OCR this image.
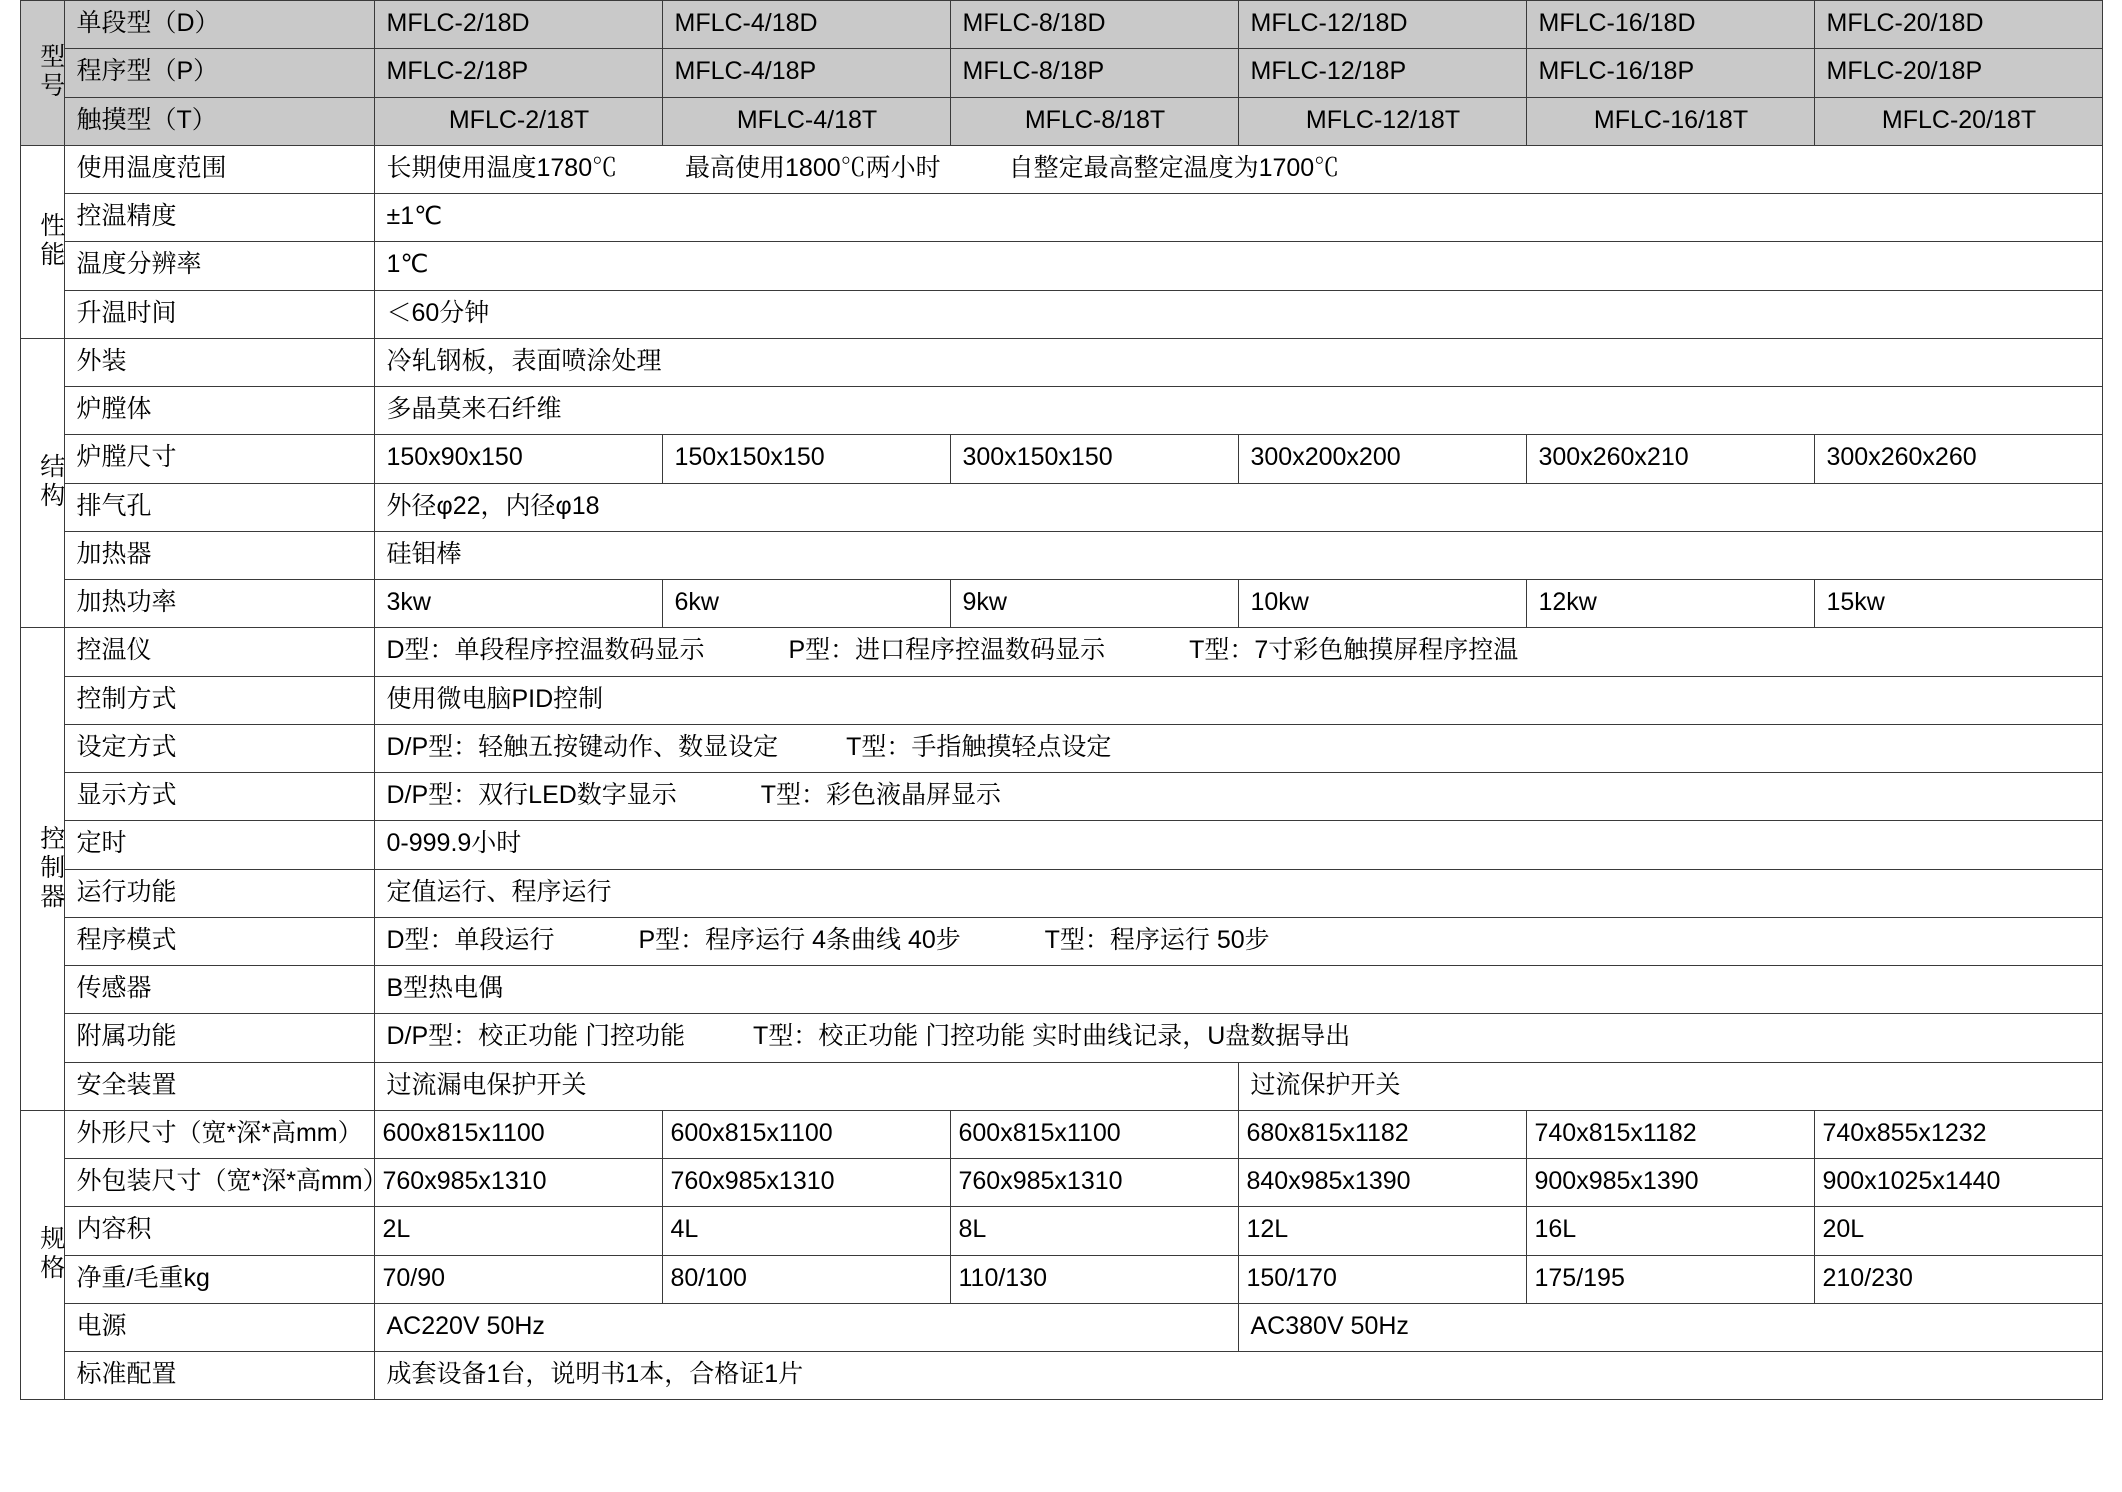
型号	单段型（D）	MFLC-2/18D	MFLC-4/18D	MFLC-8/18D	MFLC-12/18D	MFLC-16/18D	MFLC-20/18D
	程序型（P）	MFLC-2/18P	MFLC-4/18P	MFLC-8/18P	MFLC-12/18P	MFLC-16/18P	MFLC-20/18P
	触摸型（T）	MFLC-2/18T	MFLC-4/18T	MFLC-8/18T	MFLC-12/18T	MFLC-16/18T	MFLC-20/18T

性能	使用温度范围	长期使用温度1780℃ 最高使用1800℃两小时 自整定最高整定温度为1700℃					
	控温精度	±1℃					
	温度分辨率	1℃					
	升温时间	＜60分钟					

结构	外装	冷轧钢板，表面喷涂处理					
	炉膛体	多晶莫来石纤维					
	炉膛尺寸	150x90x150	150x150x150	300x150x150	300x200x200	300x260x210	300x260x260
	排气孔	外径φ22，内径φ18					
	加热器	硅钼棒					
	加热功率	3kw	6kw	9kw	10kw	12kw	15kw

控制器	控温仪	D型：单段程序控温数码显示 P型：进口程序控温数码显示 T型：7寸彩色触摸屏程序控温					
	控制方式	使用微电脑PID控制					
	设定方式	D/P型：轻触五按键动作、数显设定 T型：手指触摸轻点设定					
	显示方式	D/P型：双行LED数字显示 T型：彩色液晶屏显示					
	定时	0-999.9小时					
	运行功能	定值运行、程序运行					
	程序模式	D型：单段运行 P型：程序运行 4条曲线 40步 T型：程序运行 50步					
	传感器	B型热电偶					
	附属功能	D/P型：校正功能 门控功能 T型：校正功能 门控功能 实时曲线记录，U盘数据导出					
	安全装置	过流漏电保护开关			过流保护开关		

规格	外形尺寸（宽*深*高mm）	600x815x1100	600x815x1100	600x815x1100	680x815x1182	740x815x1182	740x855x1232
	外包装尺寸（宽*深*高mm）	760x985x1310	760x985x1310	760x985x1310	840x985x1390	900x985x1390	900x1025x1440
	内容积	2L	4L	8L	12L	16L	20L
	净重/毛重kg	70/90	80/100	110/130	150/170	175/195	210/230
	电源	AC220V 50Hz			AC380V 50Hz		
	标准配置	成套设备1台，说明书1本，合格证1片					
